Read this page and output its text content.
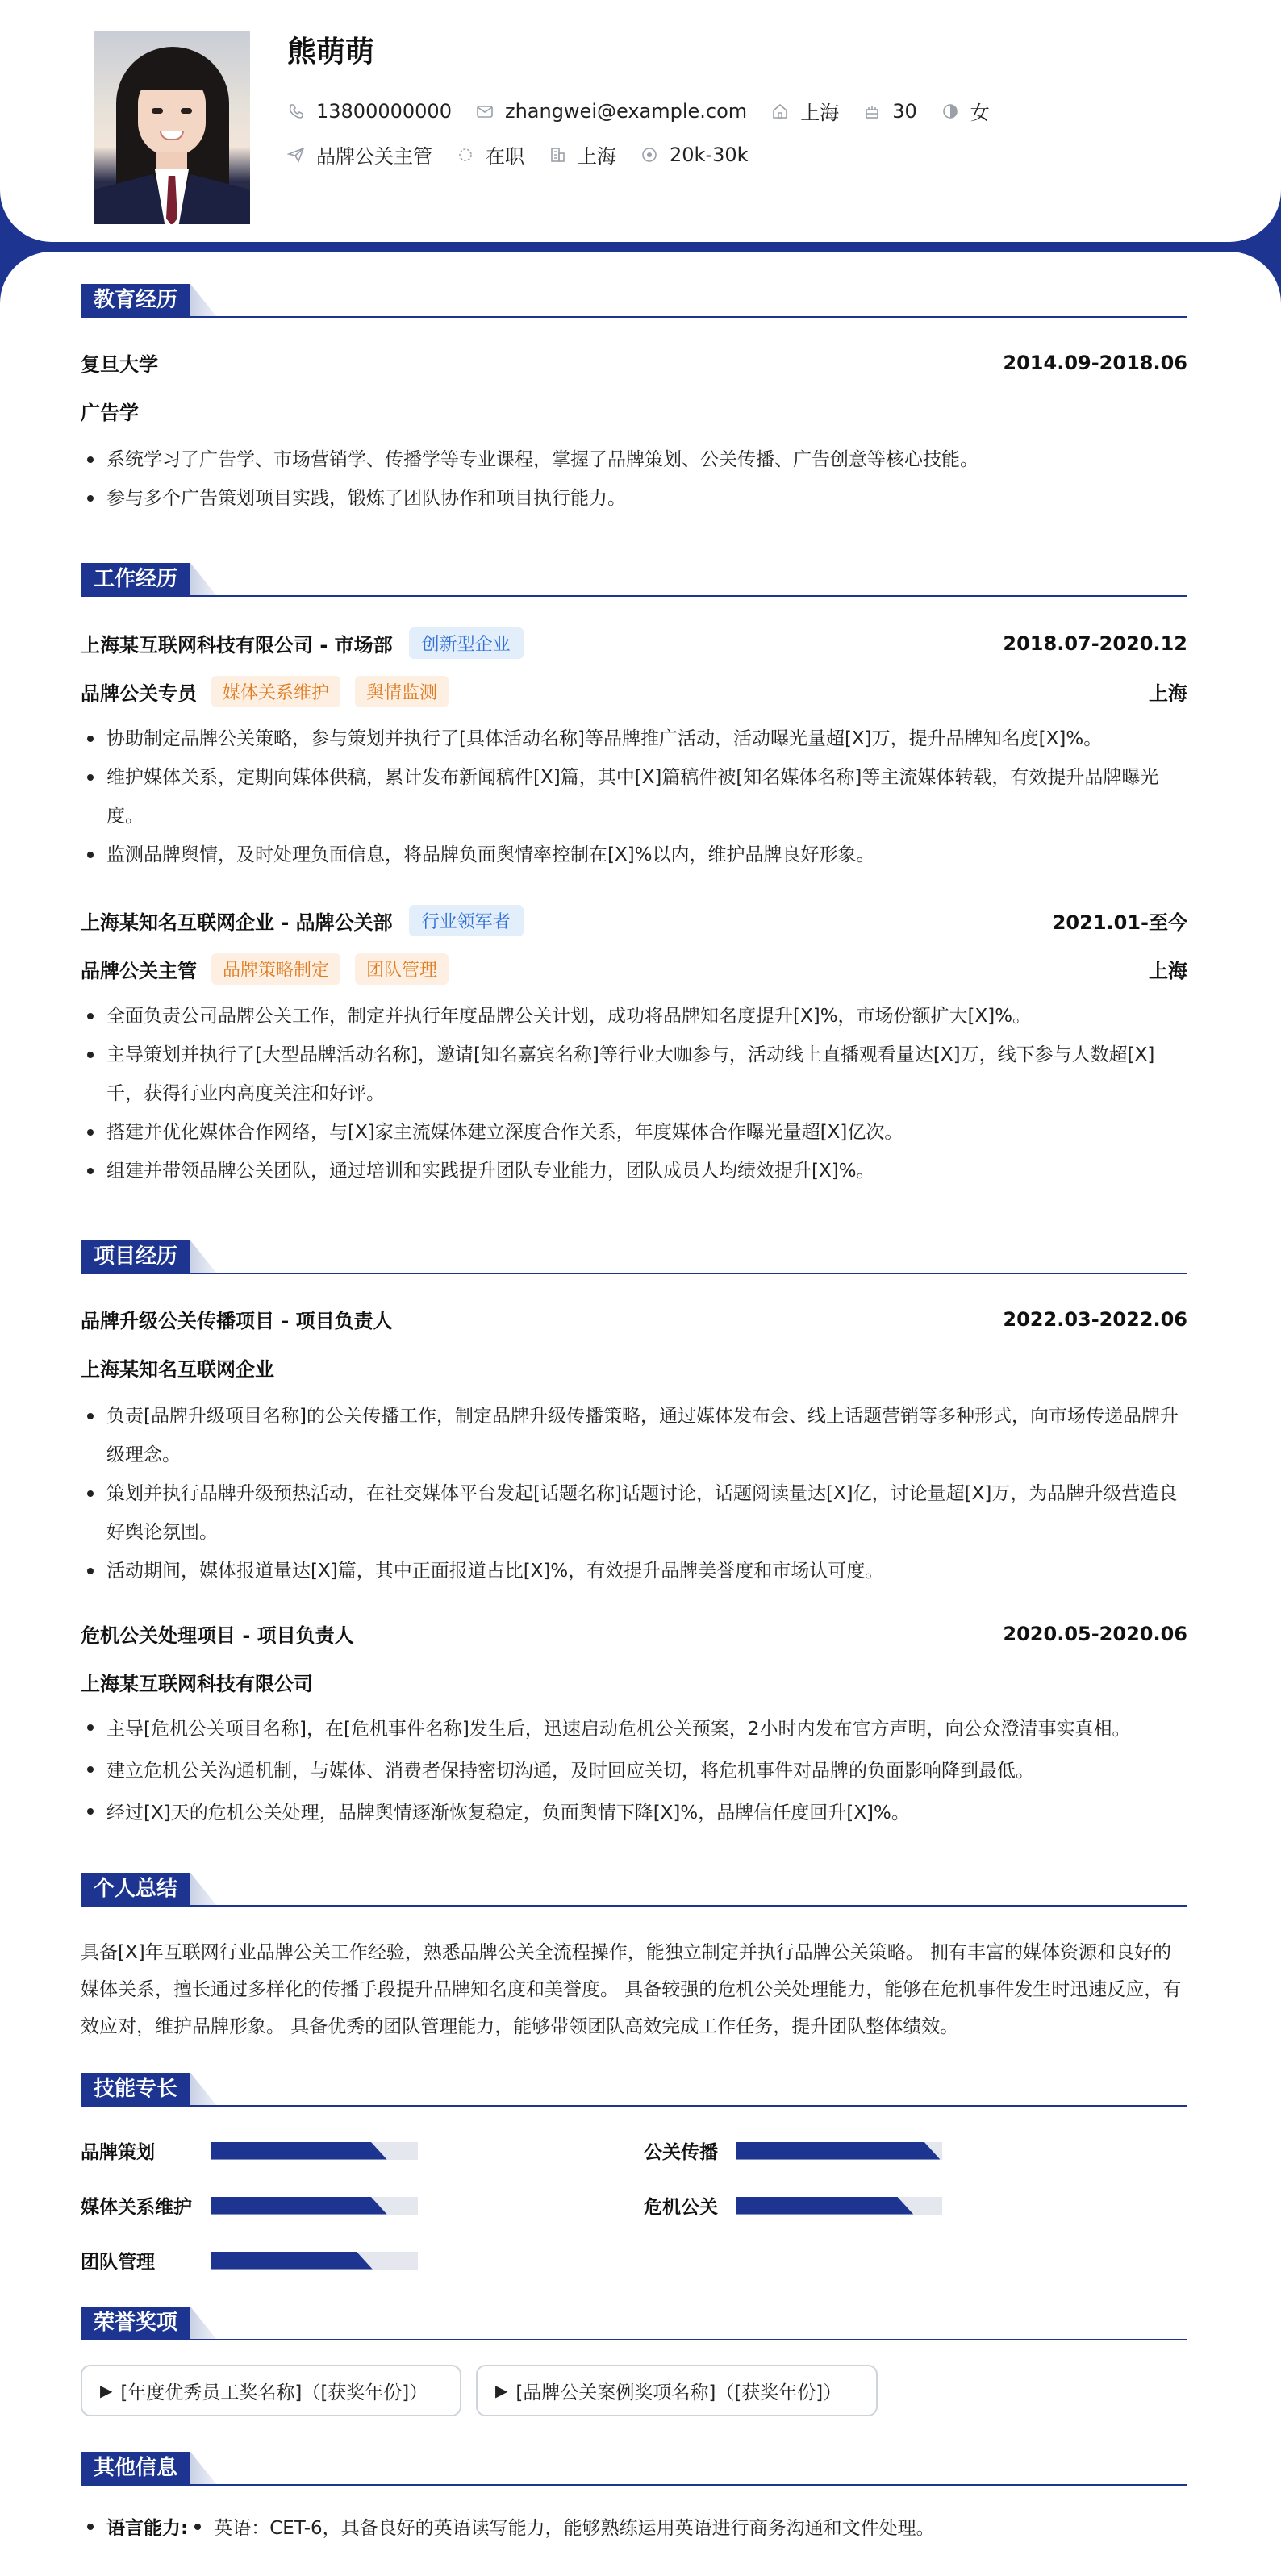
熊萌萌
13800000000	zhangwei@example.com	上海	30	女
品牌公关主管	在职	上海	20k-30k
教育经历
复旦大学	2014.09-2018.06
广告学
系统学习了广告学、市场营销学、传播学等专业课程，掌握了品牌策划、公关传播、广告创意等核心技能。
参与多个广告策划项目实践，锻炼了团队协作和项目执行能力。
工作经历
上海某互联网科技有限公司 - 市场部	创新型企业	2018.07-2020.12
品牌公关专员	媒体关系维护	舆情监测	上海
协助制定品牌公关策略，参与策划并执行了[具体活动名称]等品牌推广活动，活动曝光量超[X]万，提升品牌知名度[X]%。
维护媒体关系，定期向媒体供稿，累计发布新闻稿件[X]篇，其中[X]篇稿件被[知名媒体名称]等主流媒体转载，有效提升品牌曝光度。
监测品牌舆情，及时处理负面信息，将品牌负面舆情率控制在[X]%以内，维护品牌良好形象。
上海某知名互联网企业 - 品牌公关部	行业领军者	2021.01-至今
品牌公关主管	品牌策略制定	团队管理	上海
全面负责公司品牌公关工作，制定并执行年度品牌公关计划，成功将品牌知名度提升[X]%，市场份额扩大[X]%。
主导策划并执行了[大型品牌活动名称]，邀请[知名嘉宾名称]等行业大咖参与，活动线上直播观看量达[X]万，线下参与人数超[X]千，获得行业内高度关注和好评。
搭建并优化媒体合作网络，与[X]家主流媒体建立深度合作关系，年度媒体合作曝光量超[X]亿次。
组建并带领品牌公关团队，通过培训和实践提升团队专业能力，团队成员人均绩效提升[X]%。
项目经历
品牌升级公关传播项目 - 项目负责人	2022.03-2022.06
上海某知名互联网企业
负责[品牌升级项目名称]的公关传播工作，制定品牌升级传播策略，通过媒体发布会、线上话题营销等多种形式，向市场传递品牌升级理念。
策划并执行品牌升级预热活动，在社交媒体平台发起[话题名称]话题讨论，话题阅读量达[X]亿，讨论量超[X]万，为品牌升级营造良好舆论氛围。
活动期间，媒体报道量达[X]篇，其中正面报道占比[X]%，有效提升品牌美誉度和市场认可度。
危机公关处理项目 - 项目负责人	2020.05-2020.06
上海某互联网科技有限公司
主导[危机公关项目名称]，在[危机事件名称]发生后，迅速启动危机公关预案，2小时内发布官方声明，向公众澄清事实真相。
建立危机公关沟通机制，与媒体、消费者保持密切沟通，及时回应关切，将危机事件对品牌的负面影响降到最低。
经过[X]天的危机公关处理，品牌舆情逐渐恢复稳定，负面舆情下降[X]%，品牌信任度回升[X]%。
个人总结
具备[X]年互联网行业品牌公关工作经验，熟悉品牌公关全流程操作，能独立制定并执行品牌公关策略。 拥有丰富的媒体资源和良好的媒体关系，擅长通过多样化的传播手段提升品牌知名度和美誉度。 具备较强的危机公关处理能力，能够在危机事件发生时迅速反应，有效应对，维护品牌形象。 具备优秀的团队管理能力，能够带领团队高效完成工作任务，提升团队整体绩效。
技能专长
品牌策划	公关传播
媒体关系维护	危机公关
团队管理
荣誉奖项
▶ [年度优秀员工奖名称]（[获奖年份]）	▶ [品牌公关案例奖项名称]（[获奖年份]）
其他信息
语言能力: 英语：CET-6，具备良好的英语读写能力，能够熟练运用英语进行商务沟通和文件处理。
